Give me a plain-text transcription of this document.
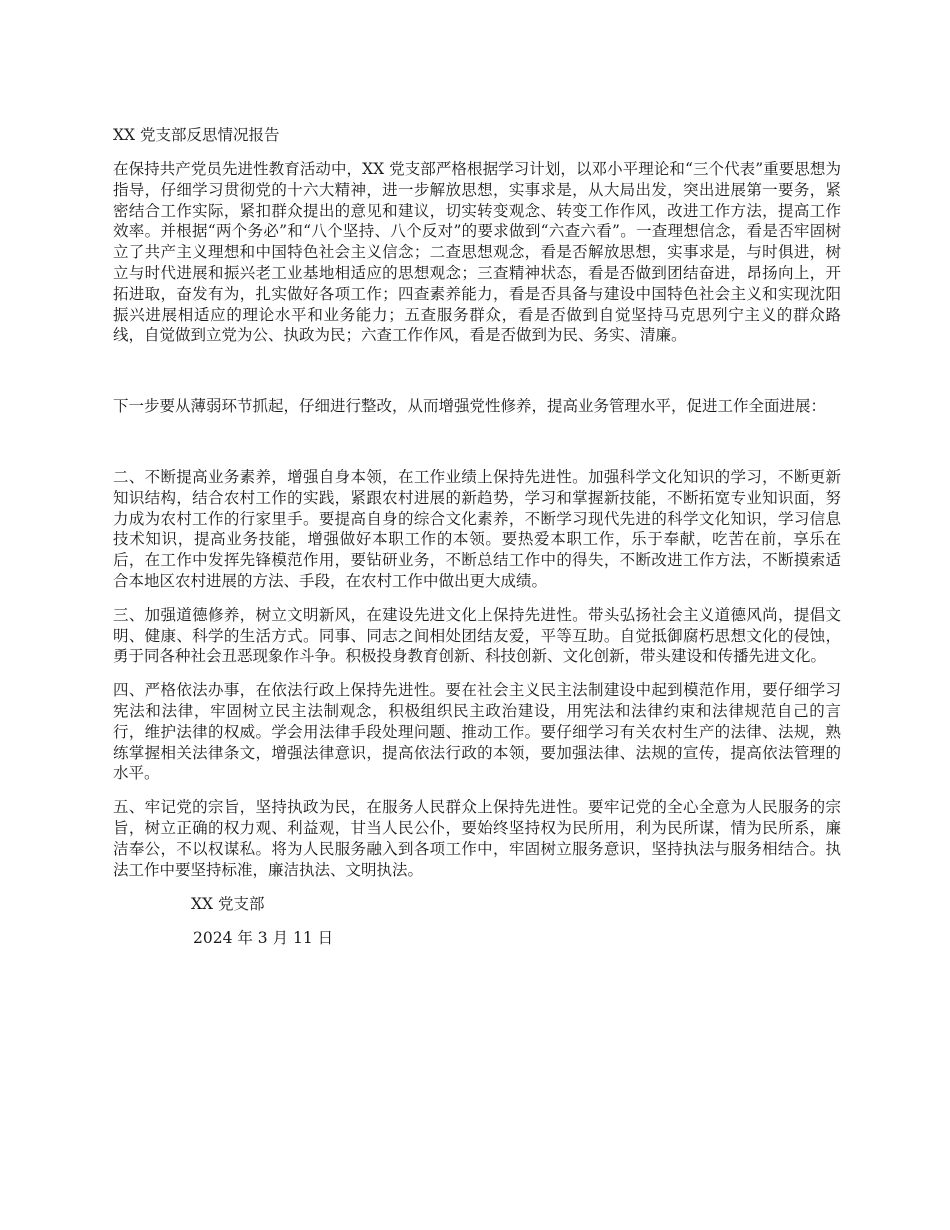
XX 党支部反思情况报告

在保持共产党员先进性教育活动中，XX 党支部严格根据学习计划，以邓小平理论和“三个代表”重要思想为指导，仔细学习贯彻党的十六大精神，进一步解放思想，实事求是，从大局出发，突出进展第一要务，紧密结合工作实际，紧扣群众提出的意见和建议，切实转变观念、转变工作作风，改进工作方法，提高工作效率。并根据“两个务必”和“八个坚持、八个反对”的要求做到“六查六看”。一查理想信念，看是否牢固树立了共产主义理想和中国特色社会主义信念；二查思想观念，看是否解放思想，实事求是，与时俱进，树立与时代进展和振兴老工业基地相适应的思想观念；三查精神状态，看是否做到团结奋进，昂扬向上，开拓进取，奋发有为，扎实做好各项工作；四查素养能力，看是否具备与建设中国特色社会主义和实现沈阳振兴进展相适应的理论水平和业务能力；五查服务群众，看是否做到自觉坚持马克思列宁主义的群众路线，自觉做到立党为公、执政为民；六查工作作风，看是否做到为民、务实、清廉。

下一步要从薄弱环节抓起，仔细进行整改，从而增强党性修养，提高业务管理水平，促进工作全面进展：

二、不断提高业务素养，增强自身本领，在工作业绩上保持先进性。加强科学文化知识的学习，不断更新知识结构，结合农村工作的实践，紧跟农村进展的新趋势，学习和掌握新技能，不断拓宽专业知识面，努力成为农村工作的行家里手。要提高自身的综合文化素养，不断学习现代先进的科学文化知识，学习信息技术知识，提高业务技能，增强做好本职工作的本领。要热爱本职工作，乐于奉献，吃苦在前，享乐在后，在工作中发挥先锋模范作用，要钻研业务，不断总结工作中的得失，不断改进工作方法，不断摸索适合本地区农村进展的方法、手段，在农村工作中做出更大成绩。

三、加强道德修养，树立文明新风，在建设先进文化上保持先进性。带头弘扬社会主义道德风尚，提倡文明、健康、科学的生活方式。同事、同志之间相处团结友爱，平等互助。自觉抵御腐朽思想文化的侵蚀，勇于同各种社会丑恶现象作斗争。积极投身教育创新、科技创新、文化创新，带头建设和传播先进文化。

四、严格依法办事，在依法行政上保持先进性。要在社会主义民主法制建设中起到模范作用，要仔细学习宪法和法律，牢固树立民主法制观念，积极组织民主政治建设，用宪法和法律约束和法律规范自己的言行，维护法律的权威。学会用法律手段处理问题、推动工作。要仔细学习有关农村生产的法律、法规，熟练掌握相关法律条文，增强法律意识，提高依法行政的本领，要加强法律、法规的宣传，提高依法管理的水平。

五、牢记党的宗旨，坚持执政为民，在服务人民群众上保持先进性。要牢记党的全心全意为人民服务的宗旨，树立正确的权力观、利益观，甘当人民公仆，要始终坚持权为民所用，利为民所谋，情为民所系，廉洁奉公，不以权谋私。将为人民服务融入到各项工作中，牢固树立服务意识，坚持执法与服务相结合。执法工作中要坚持标准，廉洁执法、文明执法。

XX 党支部
2024 年 3 月 11 日
